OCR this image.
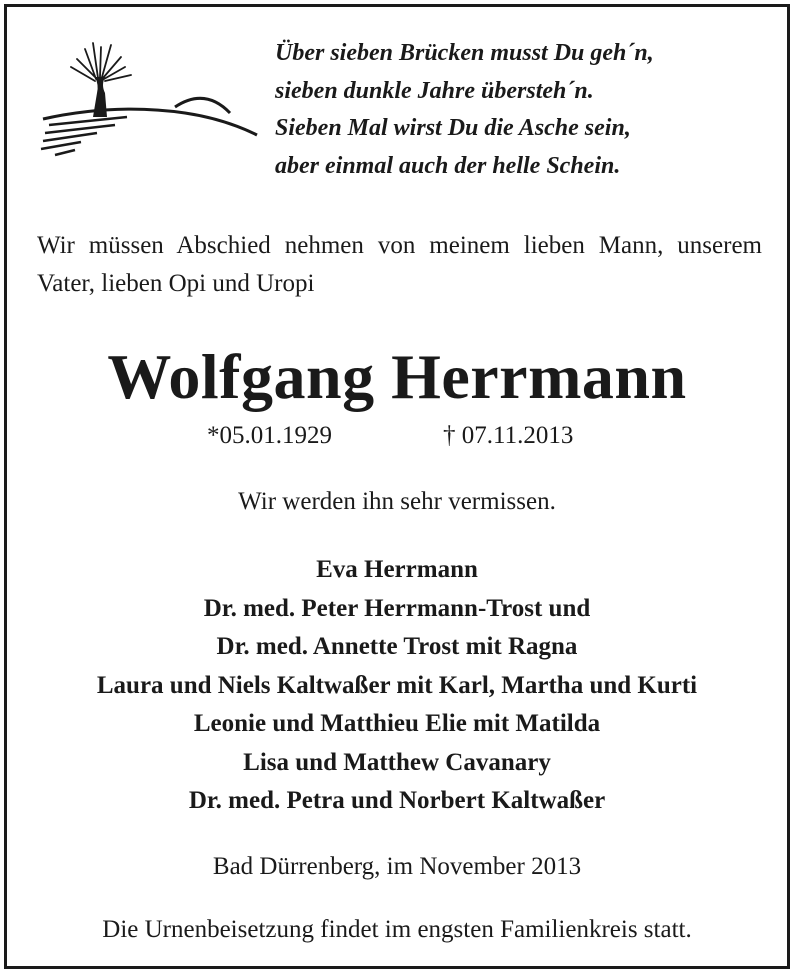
Über sieben Brücken musst Du geh´n,
sieben dunkle Jahre übersteh´n.
Sieben Mal wirst Du die Asche sein,
aber einmal auch der helle Schein.
Wir müssen Abschied nehmen von meinem lieben Mann, unserem Vater, lieben Opi und Uropi
Wolfgang Herrmann
*05.01.1929	† 07.11.2013
Wir werden ihn sehr vermissen.
Eva Herrmann
Dr. med. Peter Herrmann-Trost und
Dr. med. Annette Trost mit Ragna
Laura und Niels Kaltwaßer mit Karl, Martha und Kurti
Leonie und Matthieu Elie mit Matilda
Lisa und Matthew Cavanary
Dr. med. Petra und Norbert Kaltwaßer
Bad Dürrenberg, im November 2013
Die Urnenbeisetzung findet im engsten Familienkreis statt.
